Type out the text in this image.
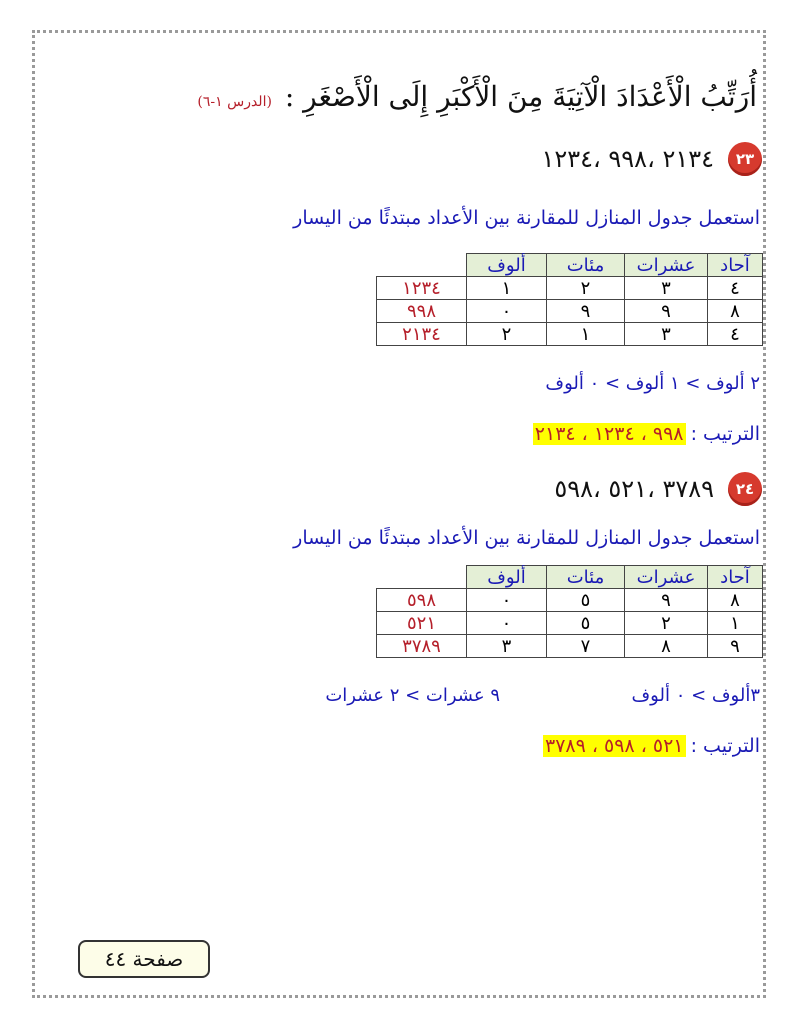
أُرَتِّبُ الْأَعْدَادَ الْآتِيَةَ مِنَ الْأَكْبَرِ إِلَى الْأَصْغَرِ : (الدرس ١-٦)
٢٣
٢١٣٤ ،٩٩٨ ،١٢٣٤
استعمل جدول المنازل للمقارنة بين الأعداد مبتدئًا من اليسار
آحاد	عشرات	مئات	ألوف	
٤	٣	٢	١	١٢٣٤
٨	٩	٩	٠	٩٩٨
٤	٣	١	٢	٢١٣٤
٢ ألوف > ١ ألوف > ٠ ألوف
الترتيب : ٩٩٨ ، ١٢٣٤ ، ٢١٣٤
٢٤
٣٧٨٩ ،٥٢١ ،٥٩٨
استعمل جدول المنازل للمقارنة بين الأعداد مبتدئًا من اليسار
آحاد	عشرات	مئات	ألوف	
٨	٩	٥	٠	٥٩٨
١	٢	٥	٠	٥٢١
٩	٨	٧	٣	٣٧٨٩
٣ألوف > ٠ ألوف
٩ عشرات > ٢ عشرات
الترتيب : ٥٢١ ، ٥٩٨ ، ٣٧٨٩
صفحة ٤٤
